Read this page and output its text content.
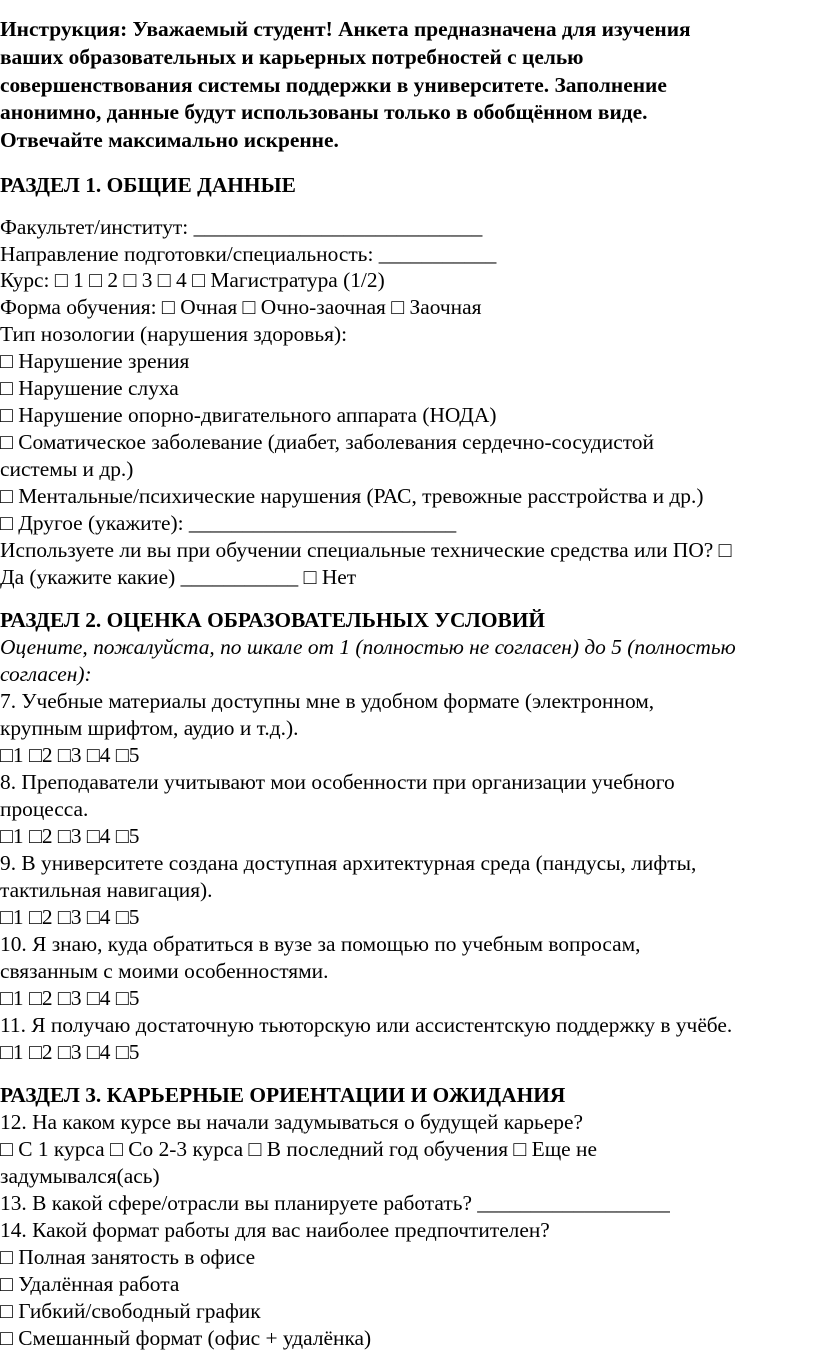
Инструкция: Уважаемый студент! Анкета предназначена для изучения
ваших образовательных и карьерных потребностей с целью
совершенствования системы поддержки в университете. Заполнение
анонимно, данные будут использованы только в обобщённом виде.
Отвечайте максимально искренне.
РАЗДЕЛ 1. ОБЩИЕ ДАННЫЕ
Факультет/институт: ___________________________
Направление подготовки/специальность: ___________
Курс: □ 1 □ 2 □ 3 □ 4 □ Магистратура (1/2)
Форма обучения: □ Очная □ Очно-заочная □ Заочная
Тип нозологии (нарушения здоровья):
□ Нарушение зрения
□ Нарушение слуха
□ Нарушение опорно-двигательного аппарата (НОДА)
□ Соматическое заболевание (диабет, заболевания сердечно-сосудистой
системы и др.)
□ Ментальные/психические нарушения (РАС, тревожные расстройства и др.)
□ Другое (укажите): _________________________
Используете ли вы при обучении специальные технические средства или ПО? □
Да (укажите какие) ___________ □ Нет
РАЗДЕЛ 2. ОЦЕНКА ОБРАЗОВАТЕЛЬНЫХ УСЛОВИЙ
Оцените, пожалуйста, по шкале от 1 (полностью не согласен) до 5 (полностью
согласен):
7. Учебные материалы доступны мне в удобном формате (электронном,
крупным шрифтом, аудио и т.д.).
□1 □2 □3 □4 □5
8. Преподаватели учитывают мои особенности при организации учебного
процесса.
□1 □2 □3 □4 □5
9. В университете создана доступная архитектурная среда (пандусы, лифты,
тактильная навигация).
□1 □2 □3 □4 □5
10. Я знаю, куда обратиться в вузе за помощью по учебным вопросам,
связанным с моими особенностями.
□1 □2 □3 □4 □5
11. Я получаю достаточную тьюторскую или ассистентскую поддержку в учёбе.
□1 □2 □3 □4 □5
РАЗДЕЛ 3. КАРЬЕРНЫЕ ОРИЕНТАЦИИ И ОЖИДАНИЯ
12. На каком курсе вы начали задумываться о будущей карьере?
□ С 1 курса □ Со 2-3 курса □ В последний год обучения □ Еще не
задумывался(ась)
13. В какой сфере/отрасли вы планируете работать? __________________
14. Какой формат работы для вас наиболее предпочтителен?
□ Полная занятость в офисе
□ Удалённая работа
□ Гибкий/свободный график
□ Смешанный формат (офис + удалёнка)
